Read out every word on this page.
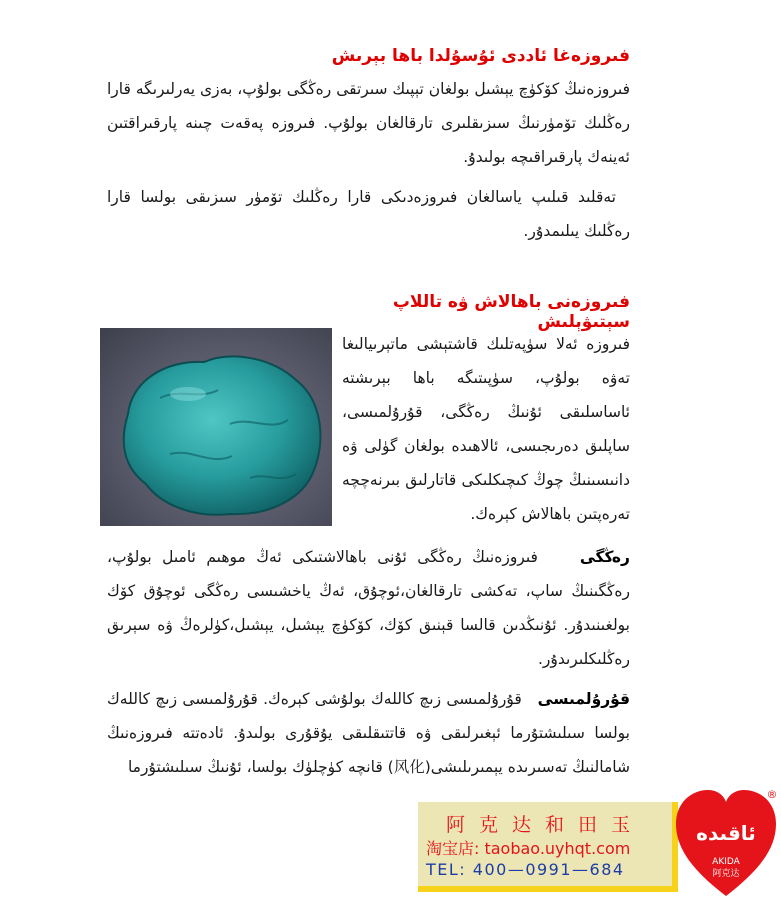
فىروزەغا ئاددى ئۇسۇلدا باھا بېرىش

فىروزەنىڭ كۆكۈچ يېشىل بولغان تېپىك سىرتقى رەڭگى بولۇپ، بەزى يەرلىرىگە قارا رەڭلىك تۆمۈرنىڭ سىزىقلىرى تارقالغان بولۇپ. فىروزە پەقەت چىنە پارقىراقتىن ئەينەك پارقىراقىچە بولىدۇ.

تەقلىد قىلىپ ياسالغان فىروزەدىكى قارا رەڭلىك تۆمۈر سىزىقى بولسا قارا رەڭلىك يىلىمدۇر.

فىروزەنى باھالاش ۋە تاللاپ سېتىۋېلىش

فىروزە ئەلا سۈپەتلىك قاشتېشى ماتېرىيالىغا تەۋە بولۇپ، سۈپىتىگە باھا بېرىشتە ئاساسلىقى ئۇنىڭ رەڭگى، قۇرۇلمىسى، ساپلىق دەرىجىسى، ئالاھىدە بولغان گۈلى ۋە دانىسىنىڭ چوڭ كىچىكلىكى قاتارلىق بىرنەچچە تەرەپتىن باھالاش كېرەك.

رەڭگى    فىروزەنىڭ رەڭگى ئۇنى باھالاشتىكى ئەڭ موھىم ئامىل بولۇپ، رەڭگىنىڭ ساپ، تەكشى تارقالغان،ئوچۇق، ئەڭ ياخشىسى رەڭگى ئوچۇق كۆك بولغىنىدۇر. ئۇنىڭدىن قالسا قېنىق كۆك، كۆكۈچ يېشىل، يېشىل،كۈلرەڭ ۋە سېرىق رەڭلىكلىرىدۇر.

قۇرۇلمىسى   قۇرۇلمىسى زىچ كاللەك بولۇشى كېرەك. قۇرۇلمىسى زىچ كاللەك بولسا سىلىشتۇرما ئېغىرلىقى ۋە قاتتىقلىقى يۇقۇرى بولىدۇ. ئادەتتە فىروزەنىڭ شامالنىڭ تەسىرىدە يېمىرىلىشى(风化) قانچە كۈچلۈك بولسا، ئۇنىڭ سىلىشتۇرما

阿克达和田玉
淘宝店: taobao.uyhqt.com
TEL: 400—0991—684
ئاقىدە
AKIDA
阿克达
®
